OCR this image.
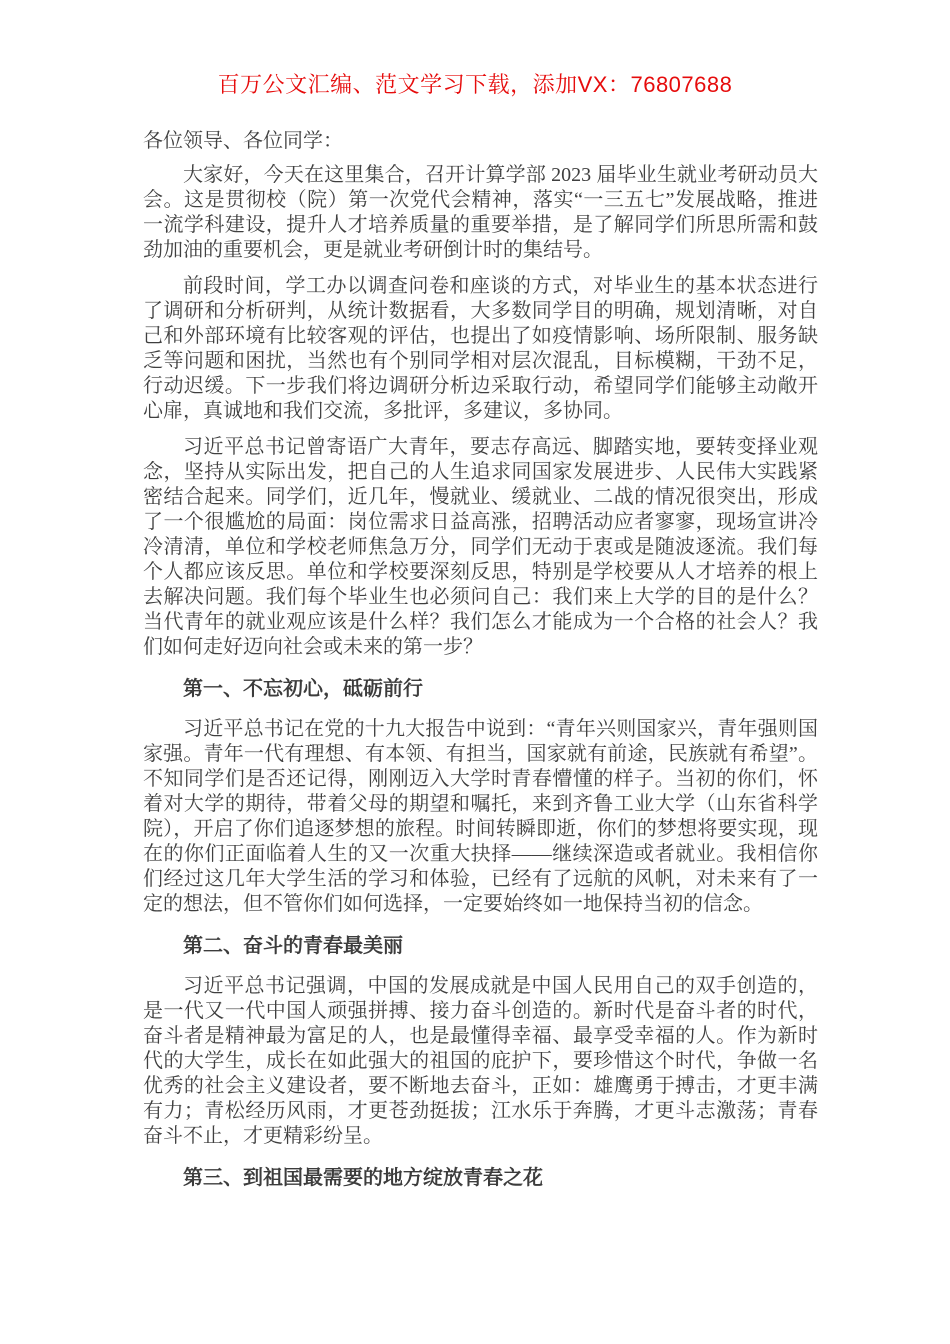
百万公文汇编、范文学习下载，添加VX：76807688

各位领导、各位同学：

大家好，今天在这里集合，召开计算学部 2023 届毕业生就业考研动员大会。这是贯彻校（院）第一次党代会精神，落实“一三五七”发展战略，推进一流学科建设，提升人才培养质量的重要举措，是了解同学们所思所需和鼓劲加油的重要机会，更是就业考研倒计时的集结号。

前段时间，学工办以调查问卷和座谈的方式，对毕业生的基本状态进行了调研和分析研判，从统计数据看，大多数同学目的明确，规划清晰，对自己和外部环境有比较客观的评估，也提出了如疫情影响、场所限制、服务缺乏等问题和困扰，当然也有个别同学相对层次混乱，目标模糊，干劲不足，行动迟缓。下一步我们将边调研分析边采取行动，希望同学们能够主动敞开心扉，真诚地和我们交流，多批评，多建议，多协同。

习近平总书记曾寄语广大青年，要志存高远、脚踏实地，要转变择业观念，坚持从实际出发，把自己的人生追求同国家发展进步、人民伟大实践紧密结合起来。同学们，近几年，慢就业、缓就业、二战的情况很突出，形成了一个很尴尬的局面：岗位需求日益高涨，招聘活动应者寥寥，现场宣讲冷冷清清，单位和学校老师焦急万分，同学们无动于衷或是随波逐流。我们每个人都应该反思。单位和学校要深刻反思，特别是学校要从人才培养的根上去解决问题。我们每个毕业生也必须问自己：我们来上大学的目的是什么？当代青年的就业观应该是什么样？我们怎么才能成为一个合格的社会人？我们如何走好迈向社会或未来的第一步？

第一、不忘初心，砥砺前行

习近平总书记在党的十九大报告中说到：“青年兴则国家兴，青年强则国家强。青年一代有理想、有本领、有担当，国家就有前途，民族就有希望”。不知同学们是否还记得，刚刚迈入大学时青春懵懂的样子。当初的你们，怀着对大学的期待，带着父母的期望和嘱托，来到齐鲁工业大学（山东省科学院），开启了你们追逐梦想的旅程。时间转瞬即逝，你们的梦想将要实现，现在的你们正面临着人生的又一次重大抉择——继续深造或者就业。我相信你们经过这几年大学生活的学习和体验，已经有了远航的风帆，对未来有了一定的想法，但不管你们如何选择，一定要始终如一地保持当初的信念。

第二、奋斗的青春最美丽

习近平总书记强调，中国的发展成就是中国人民用自己的双手创造的，是一代又一代中国人顽强拼搏、接力奋斗创造的。新时代是奋斗者的时代，奋斗者是精神最为富足的人，也是最懂得幸福、最享受幸福的人。作为新时代的大学生，成长在如此强大的祖国的庇护下，要珍惜这个时代，争做一名优秀的社会主义建设者，要不断地去奋斗，正如：雄鹰勇于搏击，才更丰满有力；青松经历风雨，才更苍劲挺拔；江水乐于奔腾，才更斗志激荡；青春奋斗不止，才更精彩纷呈。

第三、到祖国最需要的地方绽放青春之花
